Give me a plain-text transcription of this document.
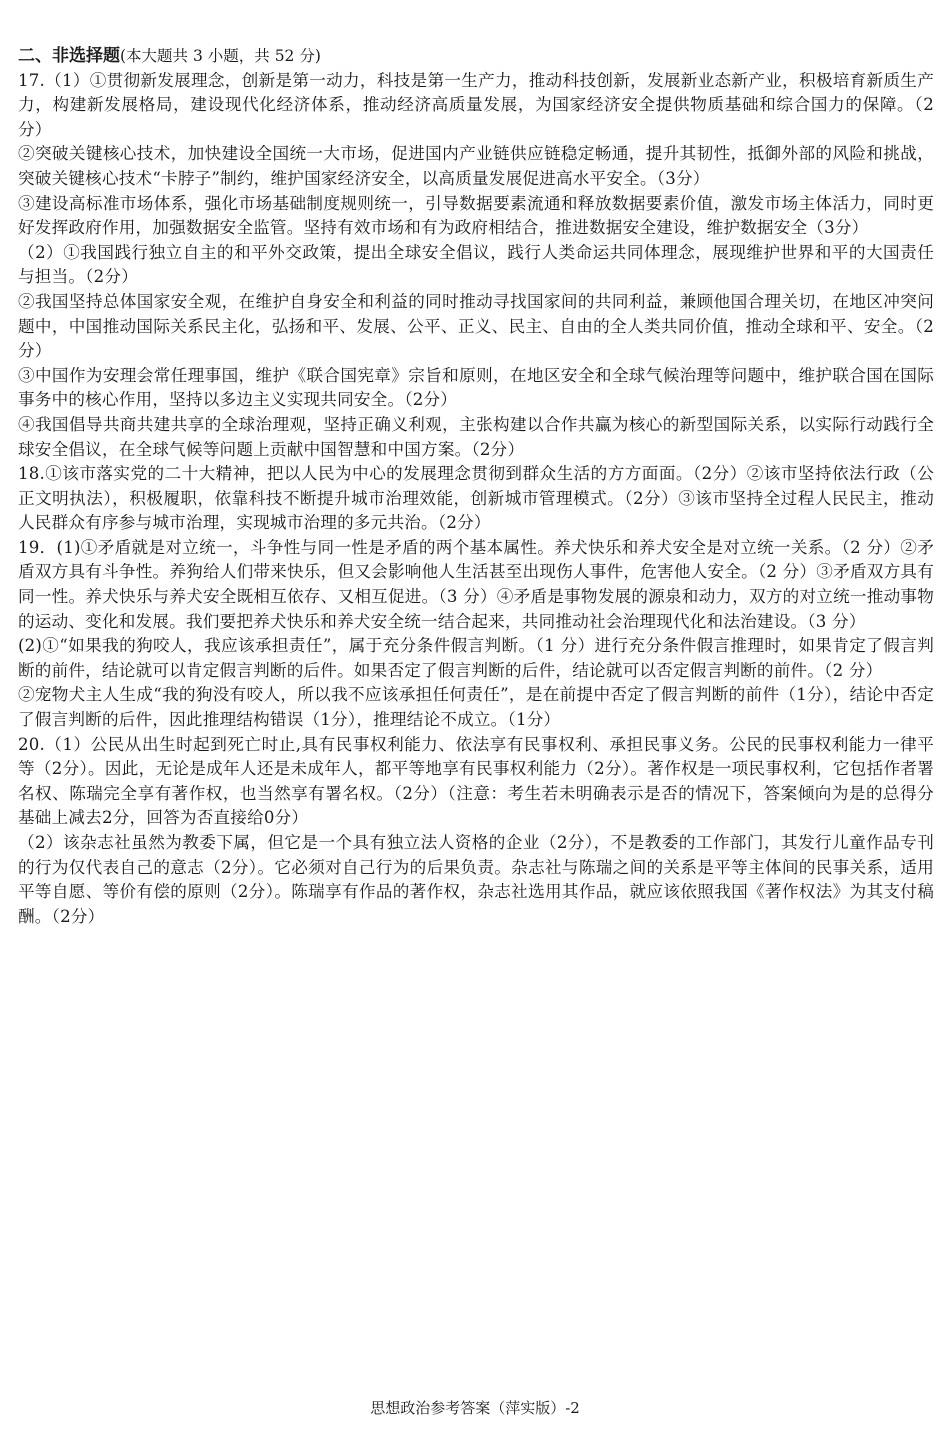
二、非选择题(本大题共 3 小题，共 52 分)

17.（1）①贯彻新发展理念，创新是第一动力，科技是第一生产力，推动科技创新，发展新业态新产业，积极培育新质生产力，构建新发展格局，建设现代化经济体系，推动经济高质量发展，为国家经济安全提供物质基础和综合国力的保障。（2分）

②突破关键核心技术，加快建设全国统一大市场，促进国内产业链供应链稳定畅通，提升其韧性，抵御外部的风险和挑战，突破关键核心技术“卡脖子”制约，维护国家经济安全，以高质量发展促进高水平安全。（3分）

③建设高标准市场体系，强化市场基础制度规则统一，引导数据要素流通和释放数据要素价值，激发市场主体活力，同时更好发挥政府作用，加强数据安全监管。坚持有效市场和有为政府相结合，推进数据安全建设，维护数据安全（3分）

（2）①我国践行独立自主的和平外交政策，提出全球安全倡议，践行人类命运共同体理念，展现维护世界和平的大国责任与担当。（2分）

②我国坚持总体国家安全观，在维护自身安全和利益的同时推动寻找国家间的共同利益，兼顾他国合理关切，在地区冲突问题中，中国推动国际关系民主化，弘扬和平、发展、公平、正义、民主、自由的全人类共同价值，推动全球和平、安全。（2分）

③中国作为安理会常任理事国，维护《联合国宪章》宗旨和原则，在地区安全和全球气候治理等问题中，维护联合国在国际事务中的核心作用，坚持以多边主义实现共同安全。（2分）

④我国倡导共商共建共享的全球治理观，坚持正确义利观，主张构建以合作共赢为核心的新型国际关系，以实际行动践行全球安全倡议，在全球气候等问题上贡献中国智慧和中国方案。（2分）

18.①该市落实党的二十大精神，把以人民为中心的发展理念贯彻到群众生活的方方面面。（2分）②该市坚持依法行政（公正文明执法），积极履职，依靠科技不断提升城市治理效能，创新城市管理模式。（2分）③该市坚持全过程人民民主，推动人民群众有序参与城市治理，实现城市治理的多元共治。（2分）

19．(1)①矛盾就是对立统一，斗争性与同一性是矛盾的两个基本属性。养犬快乐和养犬安全是对立统一关系。（2 分）②矛盾双方具有斗争性。养狗给人们带来快乐，但又会影响他人生活甚至出现伤人事件，危害他人安全。（2 分）③矛盾双方具有同一性。养犬快乐与养犬安全既相互依存、又相互促进。（3 分）④矛盾是事物发展的源泉和动力，双方的对立统一推动事物的运动、变化和发展。我们要把养犬快乐和养犬安全统一结合起来，共同推动社会治理现代化和法治建设。（3 分）

(2)①“如果我的狗咬人，我应该承担责任”，属于充分条件假言判断。（1 分）进行充分条件假言推理时，如果肯定了假言判断的前件，结论就可以肯定假言判断的后件。如果否定了假言判断的后件，结论就可以否定假言判断的前件。（2 分）

②宠物犬主人生成“我的狗没有咬人，所以我不应该承担任何责任”，是在前提中否定了假言判断的前件（1分），结论中否定了假言判断的后件，因此推理结构错误（1分），推理结论不成立。（1分）

20.（1）公民从出生时起到死亡时止,具有民事权利能力、依法享有民事权利、承担民事义务。公民的民事权利能力一律平等（2分）。因此，无论是成年人还是未成年人，都平等地享有民事权利能力（2分）。著作权是一项民事权利，它包括作者署名权、陈瑞完全享有著作权，也当然享有署名权。（2分）（注意：考生若未明确表示是否的情况下，答案倾向为是的总得分基础上减去2分，回答为否直接给0分）

（2）该杂志社虽然为教委下属，但它是一个具有独立法人资格的企业（2分），不是教委的工作部门，其发行儿童作品专刊的行为仅代表自己的意志（2分）。它必须对自己行为的后果负责。杂志社与陈瑞之间的关系是平等主体间的民事关系，适用平等自愿、等价有偿的原则（2分）。陈瑞享有作品的著作权，杂志社选用其作品，就应该依照我国《著作权法》为其支付稿酬。（2分）

思想政治参考答案（萍实版）-2
